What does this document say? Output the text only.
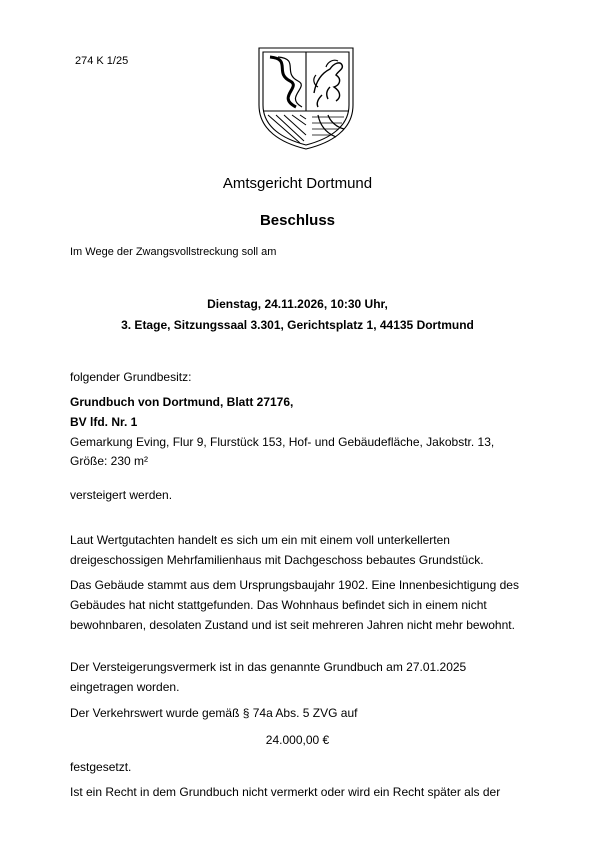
274 K 1/25
Amtsgericht Dortmund
Beschluss
Im Wege der Zwangsvollstreckung soll am
Dienstag, 24.11.2026, 10:30 Uhr,
3. Etage, Sitzungssaal 3.301, Gerichtsplatz 1, 44135 Dortmund
folgender Grundbesitz:
Grundbuch von Dortmund, Blatt 27176,
BV lfd. Nr. 1
Gemarkung Eving, Flur 9, Flurstück 153, Hof- und Gebäudefläche, Jakobstr. 13,
Größe: 230 m²
versteigert werden.
Laut Wertgutachten handelt es sich um ein mit einem voll unterkellerten
dreigeschossigen Mehrfamilienhaus mit Dachgeschoss bebautes Grundstück.
Das Gebäude stammt aus dem Ursprungsbaujahr 1902. Eine Innenbesichtigung des
Gebäudes hat nicht stattgefunden. Das Wohnhaus befindet sich in einem nicht
bewohnbaren, desolaten Zustand und ist seit mehreren Jahren nicht mehr bewohnt.
Der Versteigerungsvermerk ist in das genannte Grundbuch am 27.01.2025
eingetragen worden.
Der Verkehrswert wurde gemäß § 74a Abs. 5 ZVG auf
24.000,00 €
festgesetzt.
Ist ein Recht in dem Grundbuch nicht vermerkt oder wird ein Recht später als der
